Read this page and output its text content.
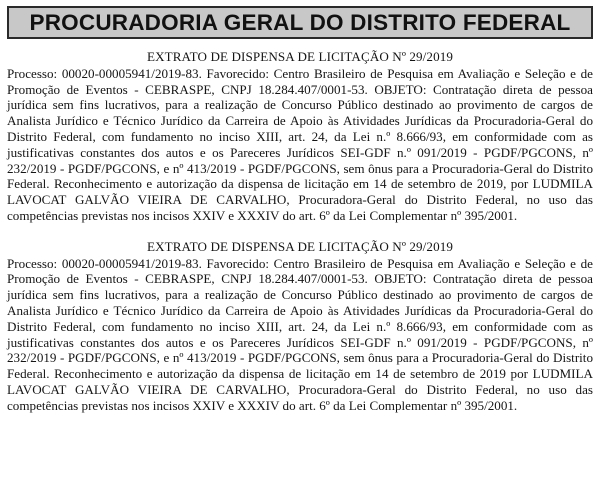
PROCURADORIA GERAL DO DISTRITO FEDERAL
EXTRATO DE DISPENSA DE LICITAÇÃO Nº 29/2019

Processo: 00020-00005941/2019-83. Favorecido: Centro Brasileiro de Pesquisa em Avaliação e Seleção e de Promoção de Eventos - CEBRASPE, CNPJ 18.284.407/0001-53. OBJETO: Contratação direta de pessoa jurídica sem fins lucrativos, para a realização de Concurso Público destinado ao provimento de cargos de Analista Jurídico e Técnico Jurídico da Carreira de Apoio às Atividades Jurídicas da Procuradoria-Geral do Distrito Federal, com fundamento no inciso XIII, art. 24, da Lei n.º 8.666/93, em conformidade com as justificativas constantes dos autos e os Pareceres Jurídicos SEI-GDF n.º 091/2019 - PGDF/PGCONS, nº 232/2019 - PGDF/PGCONS, e nº 413/2019 - PGDF/PGCONS, sem ônus para a Procuradoria-Geral do Distrito Federal. Reconhecimento e autorização da dispensa de licitação em 14 de setembro de 2019, por LUDMILA LAVOCAT GALVÃO VIEIRA DE CARVALHO, Procuradora-Geral do Distrito Federal, no uso das competências previstas nos incisos XXIV e XXXIV do art. 6º da Lei Complementar nº 395/2001.

EXTRATO DE DISPENSA DE LICITAÇÃO Nº 29/2019

Processo: 00020-00005941/2019-83. Favorecido: Centro Brasileiro de Pesquisa em Avaliação e Seleção e de Promoção de Eventos - CEBRASPE, CNPJ 18.284.407/0001-53. OBJETO: Contratação direta de pessoa jurídica sem fins lucrativos, para a realização de Concurso Público destinado ao provimento de cargos de Analista Jurídico e Técnico Jurídico da Carreira de Apoio às Atividades Jurídicas da Procuradoria-Geral do Distrito Federal, com fundamento no inciso XIII, art. 24, da Lei n.º 8.666/93, em conformidade com as justificativas constantes dos autos e os Pareceres Jurídicos SEI-GDF n.º 091/2019 - PGDF/PGCONS, nº 232/2019 - PGDF/PGCONS, e nº 413/2019 - PGDF/PGCONS, sem ônus para a Procuradoria-Geral do Distrito Federal. Reconhecimento e autorização da dispensa de licitação em 14 de setembro de 2019 por LUDMILA LAVOCAT GALVÃO VIEIRA DE CARVALHO, Procuradora-Geral do Distrito Federal, no uso das competências previstas nos incisos XXIV e XXXIV do art. 6º da Lei Complementar nº 395/2001.
